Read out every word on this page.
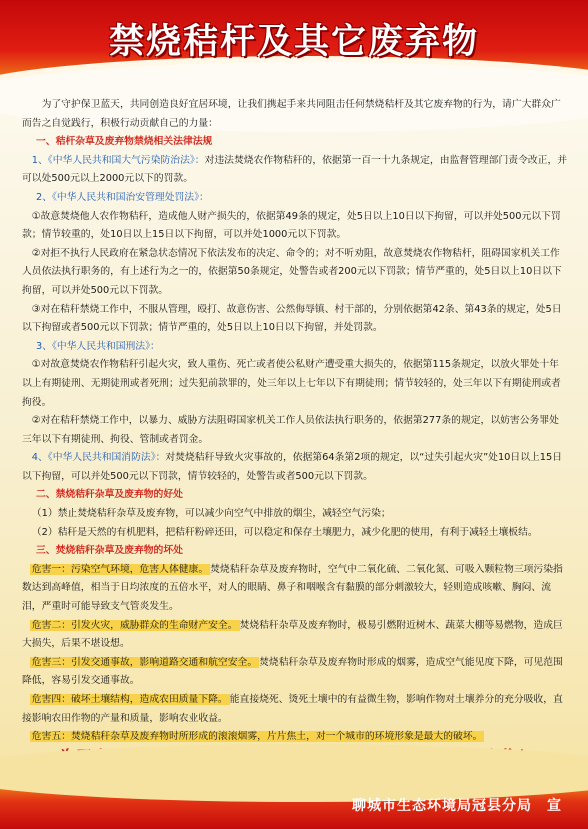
禁烧秸杆及其它废弃物

为了守护保卫蓝天，共同创造良好宜居环境，让我们携起手来共同阻击任何禁烧秸杆及其它废弃物的行为，请广大群众广而告之自觉践行，积极行动贡献自己的力量：

一、秸杆杂草及废弃物禁烧相关法律法规

1、《中华人民共和国大气污染防治法》：对违法焚烧农作物秸秆的，依据第一百一十九条规定，由监督管理部门责令改正，并可以处500元以上2000元以下的罚款。

2、《中华人民共和国治安管理处罚法》：

①故意焚烧他人农作物秸秆，造成他人财产损失的，依据第49条的规定，处5日以上10日以下拘留，可以并处500元以下罚款；情节较重的，处10日以上15日以下拘留，可以并处1000元以下罚款。

②对拒不执行人民政府在紧急状态情况下依法发布的决定、命令的；对不听劝阻，故意焚烧农作物秸杆，阻碍国家机关工作人员依法执行职务的，有上述行为之一的，依据第50条规定，处警告或者200元以下罚款；情节严重的，处5日以上10日以下拘留，可以并处500元以下罚款。

③对在秸秆禁烧工作中，不服从管理，殴打、故意伤害、公然侮辱镇、村干部的，分别依据第42条、第43条的规定，处5日以下拘留或者500元以下罚款；情节严重的，处5日以上10日以下拘留，并处罚款。

3、《中华人民共和国刑法》：

①对故意焚烧农作物秸秆引起火灾，致人重伤、死亡或者使公私财产遭受重大损失的，依据第115条规定，以放火罪处十年以上有期徒刑、无期徒刑或者死刑；过失犯前款罪的，处三年以上七年以下有期徒刑；情节较轻的，处三年以下有期徒刑或者拘役。

②对在秸秆禁烧工作中，以暴力、威胁方法阻碍国家机关工作人员依法执行职务的，依据第277条的规定，以妨害公务罪处三年以下有期徒刑、拘役、管制或者罚金。

4、《中华人民共和国消防法》：对焚烧秸秆导致火灾事故的，依据第64条第2项的规定，以“过失引起火灾”处10日以上15日以下拘留，可以并处500元以下罚款，情节较轻的，处警告或者500元以下罚款。

二、禁烧秸秆杂草及废弃物的好处

（1）禁止焚烧秸秆杂草及废弃物，可以减少向空气中排放的烟尘，减轻空气污染；

（2）秸秆是天然的有机肥料，把秸秆粉碎还田，可以稳定和保存土壤肥力，减少化肥的使用，有利于减轻土壤板结。

三、焚烧秸秆杂草及废弃物的坏处

危害一：污染空气环境，危害人体健康。 焚烧秸秆杂草及废弃物时，空气中二氧化硫、二氧化氮、可吸入颗粒物三项污染指数达到高峰值，相当于日均浓度的五倍水平，对人的眼睛、鼻子和咽喉含有黏膜的部分刺激较大，轻则造成咳嗽、胸闷、流泪，严重时可能导致支气管炎发生。

危害二：引发火灾，威胁群众的生命财产安全。 焚烧秸秆杂草及废弃物时，极易引燃附近树木、蔬菜大棚等易燃物，造成巨大损失，后果不堪设想。

危害三：引发交通事故，影响道路交通和航空安全。 焚烧秸秆杂草及废弃物时形成的烟雾，造成空气能见度下降，可见范围降低，容易引发交通事故。

危害四：破坏土壤结构，造成农田质量下降。 能直接烧死、烫死土壤中的有益微生物，影响作物对土壤养分的充分吸收，直接影响农田作物的产量和质量，影响农业收益。

危害五：焚烧秸秆杂草及废弃物时所形成的滚滚烟雾，片片焦土，对一个城市的环境形象是最大的破坏。

聊城市生态环境局冠县分局　宣
